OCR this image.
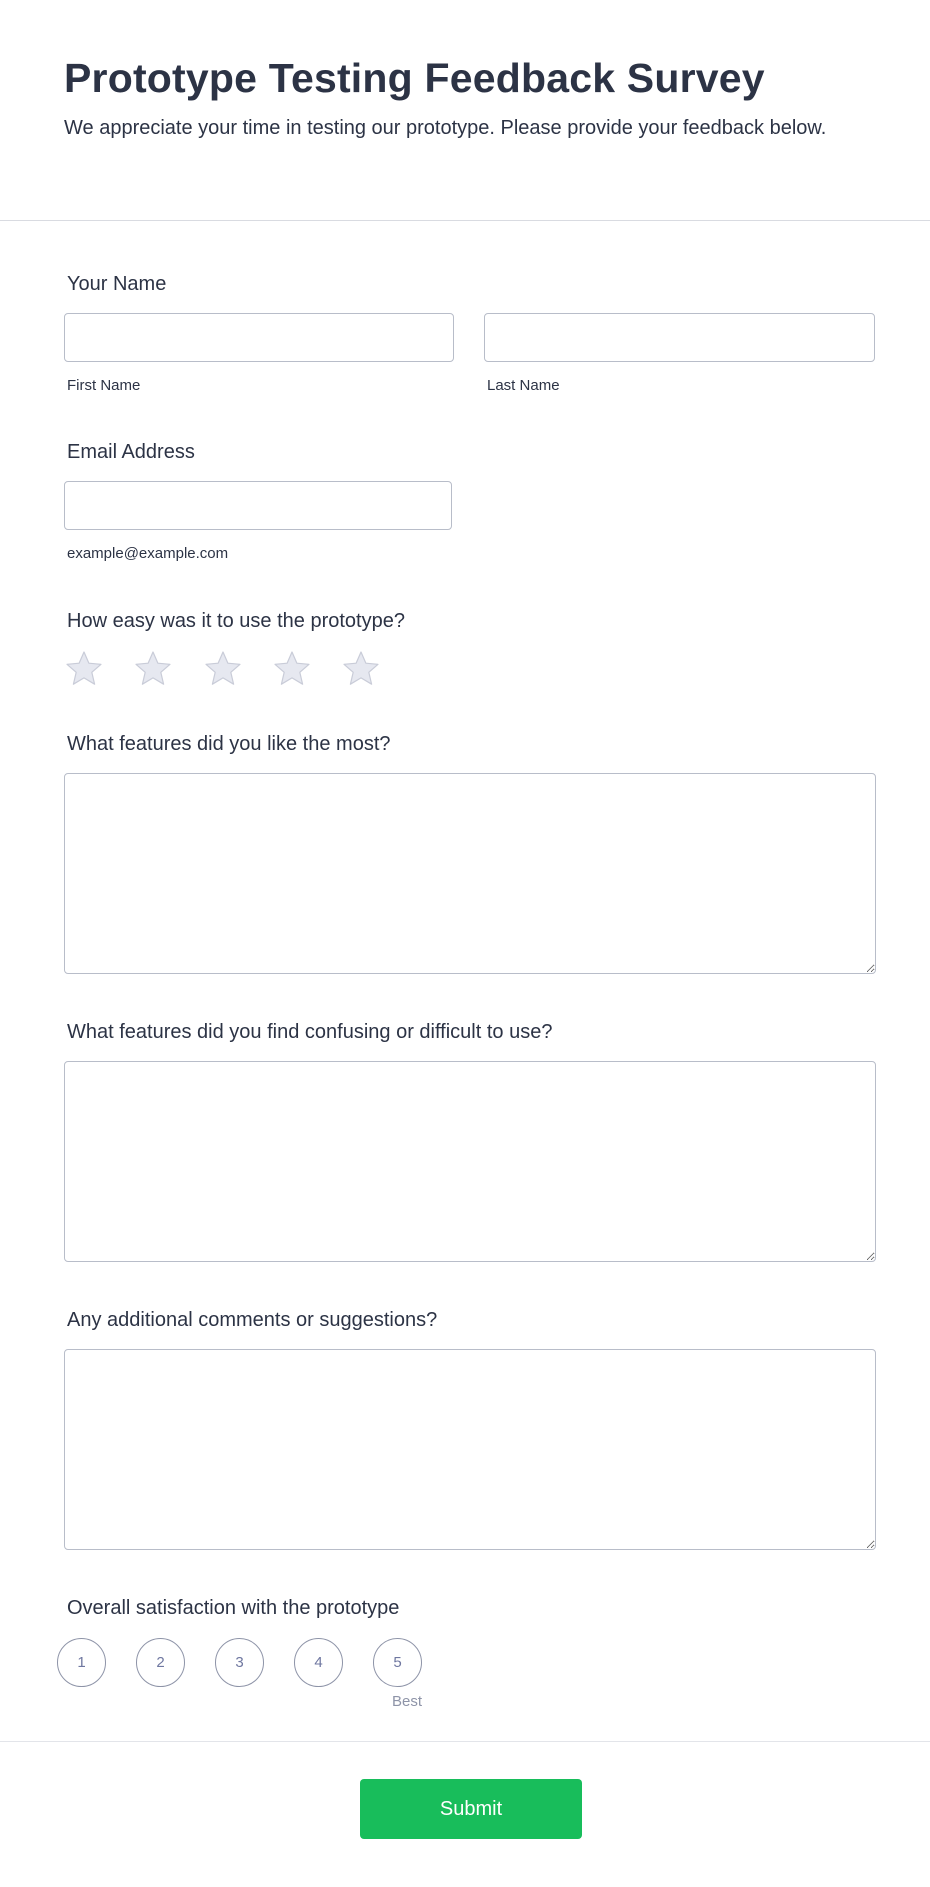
Prototype Testing Feedback Survey

We appreciate your time in testing our prototype. Please provide your feedback below.

Your Name
First Name	Last Name
Email Address
example@example.com
How easy was it to use the prototype?
What features did you like the most?
What features did you find confusing or difficult to use?
Any additional comments or suggestions?
Overall satisfaction with the prototype
1	2	3	4	5
Best
Submit
